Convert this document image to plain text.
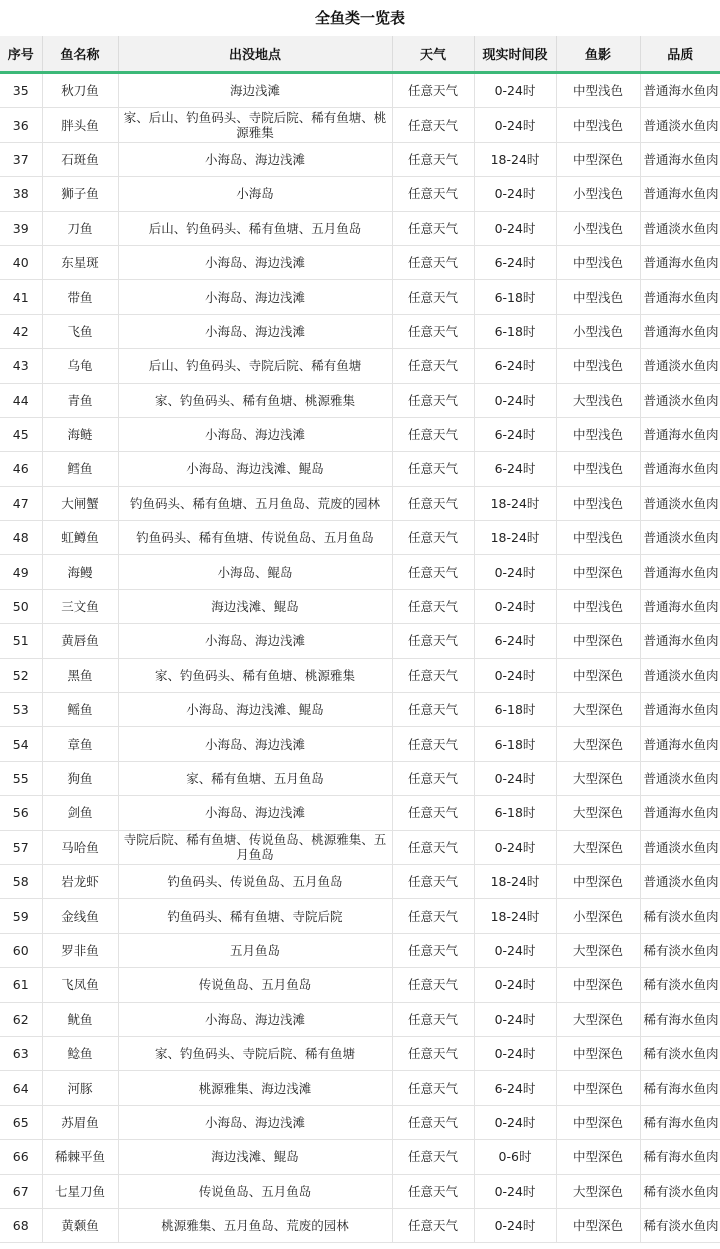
全鱼类一览表
序号	鱼名称	出没地点	天气	现实时间段	鱼影	品质
35	秋刀鱼	海边浅滩	任意天气	0-24时	中型浅色	普通海水鱼肉
36	胖头鱼	家、后山、钓鱼码头、寺院后院、稀有鱼塘、桃源雅集	任意天气	0-24时	中型浅色	普通淡水鱼肉
37	石斑鱼	小海岛、海边浅滩	任意天气	18-24时	中型深色	普通海水鱼肉
38	狮子鱼	小海岛	任意天气	0-24时	小型浅色	普通海水鱼肉
39	刀鱼	后山、钓鱼码头、稀有鱼塘、五月鱼岛	任意天气	0-24时	小型浅色	普通淡水鱼肉
40	东星斑	小海岛、海边浅滩	任意天气	6-24时	中型浅色	普通海水鱼肉
41	带鱼	小海岛、海边浅滩	任意天气	6-18时	中型浅色	普通海水鱼肉
42	飞鱼	小海岛、海边浅滩	任意天气	6-18时	小型浅色	普通海水鱼肉
43	乌龟	后山、钓鱼码头、寺院后院、稀有鱼塘	任意天气	6-24时	中型浅色	普通淡水鱼肉
44	青鱼	家、钓鱼码头、稀有鱼塘、桃源雅集	任意天气	0-24时	大型浅色	普通淡水鱼肉
45	海鲢	小海岛、海边浅滩	任意天气	6-24时	中型浅色	普通海水鱼肉
46	鳕鱼	小海岛、海边浅滩、鲲岛	任意天气	6-24时	中型浅色	普通海水鱼肉
47	大闸蟹	钓鱼码头、稀有鱼塘、五月鱼岛、荒废的园林	任意天气	18-24时	中型浅色	普通淡水鱼肉
48	虹鳟鱼	钓鱼码头、稀有鱼塘、传说鱼岛、五月鱼岛	任意天气	18-24时	中型浅色	普通淡水鱼肉
49	海鳗	小海岛、鲲岛	任意天气	0-24时	中型深色	普通海水鱼肉
50	三文鱼	海边浅滩、鲲岛	任意天气	0-24时	中型浅色	普通海水鱼肉
51	黄唇鱼	小海岛、海边浅滩	任意天气	6-24时	中型深色	普通海水鱼肉
52	黑鱼	家、钓鱼码头、稀有鱼塘、桃源雅集	任意天气	0-24时	中型深色	普通淡水鱼肉
53	鳐鱼	小海岛、海边浅滩、鲲岛	任意天气	6-18时	大型深色	普通海水鱼肉
54	章鱼	小海岛、海边浅滩	任意天气	6-18时	大型深色	普通海水鱼肉
55	狗鱼	家、稀有鱼塘、五月鱼岛	任意天气	0-24时	大型深色	普通淡水鱼肉
56	剑鱼	小海岛、海边浅滩	任意天气	6-18时	大型深色	普通海水鱼肉
57	马哈鱼	寺院后院、稀有鱼塘、传说鱼岛、桃源雅集、五月鱼岛	任意天气	0-24时	大型深色	普通淡水鱼肉
58	岩龙虾	钓鱼码头、传说鱼岛、五月鱼岛	任意天气	18-24时	中型深色	普通淡水鱼肉
59	金线鱼	钓鱼码头、稀有鱼塘、寺院后院	任意天气	18-24时	小型深色	稀有淡水鱼肉
60	罗非鱼	五月鱼岛	任意天气	0-24时	大型深色	稀有淡水鱼肉
61	飞凤鱼	传说鱼岛、五月鱼岛	任意天气	0-24时	中型深色	稀有淡水鱼肉
62	鱿鱼	小海岛、海边浅滩	任意天气	0-24时	大型深色	稀有海水鱼肉
63	鲶鱼	家、钓鱼码头、寺院后院、稀有鱼塘	任意天气	0-24时	中型深色	稀有淡水鱼肉
64	河豚	桃源雅集、海边浅滩	任意天气	6-24时	中型深色	稀有海水鱼肉
65	苏眉鱼	小海岛、海边浅滩	任意天气	0-24时	中型深色	稀有海水鱼肉
66	稀棘平鱼	海边浅滩、鲲岛	任意天气	0-6时	中型深色	稀有海水鱼肉
67	七星刀鱼	传说鱼岛、五月鱼岛	任意天气	0-24时	大型深色	稀有淡水鱼肉
68	黄颡鱼	桃源雅集、五月鱼岛、荒废的园林	任意天气	0-24时	中型深色	稀有淡水鱼肉
